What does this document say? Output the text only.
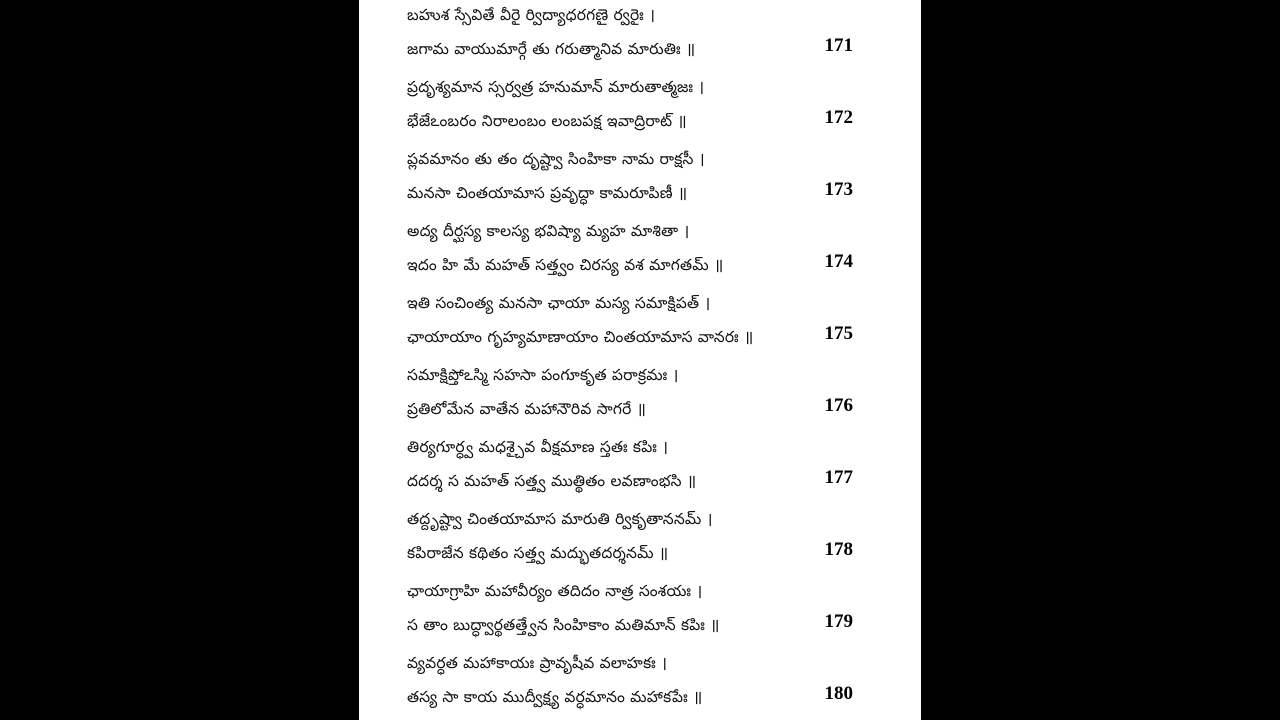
బహుశ స్సేవితే వీరై ర్విద్యాధరగణై ర్వరైః ।
జగామ వాయుమార్గే తు గరుత్మానివ మారుతిః ॥	171
ప్రదృశ్యమాన స్సర్వత్ర హనుమాన్ మారుతాత్మజః ।
భేజేఽంబరం నిరాలంబం లంబపక్ష ఇవాద్రిరాట్ ॥	172
ప్లవమానం తు తం దృష్ట్వా సింహికా నామ రాక్షసీ ।
మనసా చింతయామాస ప్రవృద్ధా కామరూపిణీ ॥	173
అద్య దీర్ఘస్య కాలస్య భవిష్యా మ్యహ మాశితా ।
ఇదం హి మే మహత్ సత్త్వం చిరస్య వశ మాగతమ్ ॥	174
ఇతి సంచింత్య మనసా ఛాయా మస్య సమాక్షిపత్ ।
ఛాయాయాం గృహ్యమాణాయాం చింతయామాస వానరః ॥	175
సమాక్షిప్తోఽస్మి సహసా పంగూకృత పరాక్రమః ।
ప్రతిలోమేన వాతేన మహానౌరివ సాగరే ॥	176
తిర్యగూర్ధ్వ మధశ్చైవ వీక్షమాణ స్తతః కపిః ।
దదర్శ స మహత్ సత్త్వ ముత్థితం లవణాంభసి ॥	177
తద్దృష్ట్వా చింతయామాస మారుతి ర్వికృతాననమ్ ।
కపిరాజేన కథితం సత్త్వ మద్భుతదర్శనమ్ ॥	178
ఛాయాగ్రాహి మహావీర్యం తదిదం నాత్ర సంశయః ।
స తాం బుద్ధ్వార్థతత్త్వేన సింహికాం మతిమాన్ కపిః ॥	179
వ్యవర్ధత మహాకాయః ప్రావృషీవ వలాహకః ।
తస్య సా కాయ ముద్వీక్ష్య వర్ధమానం మహాకపేః ॥	180
